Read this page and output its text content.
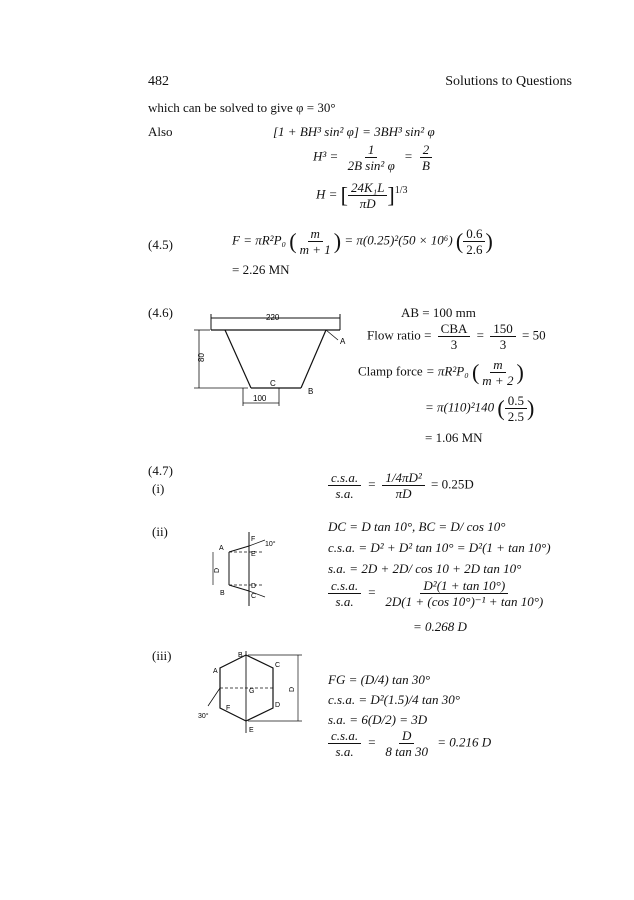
482	Solutions to Questions
which can be solved to give φ = 30°
Also	[1 + BH³ sin² φ] = 3BH³ sin² φ
$H^3 = \frac{1}{\text{2B sin² φ}} = \frac{2}{B}$
H = [ $\frac{\text{24K₁L}}{\pi D} ]^{1/3}$
(4.5)	F = πR²P₀ ( $\frac{m}{m + 1}$ ) = π(0.25)²(50 × 10⁶) ( $\frac{0.6}{2.6}$ )
= 2.26 MN
(4.6)	220
A
C
B
80
100
AB = 100 mm
Flow ratio = $\frac{\text{CBA}}{3} = \frac{150}{3} = 50$
Clamp force = πR²P₀ ( $\frac{m}{m + 2}$ )
= π(110)²140 ( $\frac{0.5}{2.5}$ )
= 1.06 MN
(4.7)
(i)	$\frac{c.s.a.}{s.a.} = \frac{\text{1/4πD²}}{\pi D} = 0.25D$
(ii)
F
10°
A
E
D
B	C
D
DC = D tan 10°, BC = D/ cos 10°
c.s.a. = D² + D² tan 10° = D²(1 + tan 10°)
s.a. = 2D + 2D/ cos 10 + 2D tan 10°
$\frac{c.s.a.}{s.a.} = \frac{\text{D²(1 + tan 10°)}}{\text{2D(1 + (cos 10°)⁻¹ + tan 10°)}}$
= 0.268 D
(iii)
F
30°
A
B
C
D
G
E
D
FG = (D/4) tan 30°
c.s.a. = D²(1.5)/4 tan 30°
s.a. = 6(D/2) = 3D
$\frac{c.s.a.}{s.a.} = \frac{D}{8 \tan 30} = 0.216$ D
